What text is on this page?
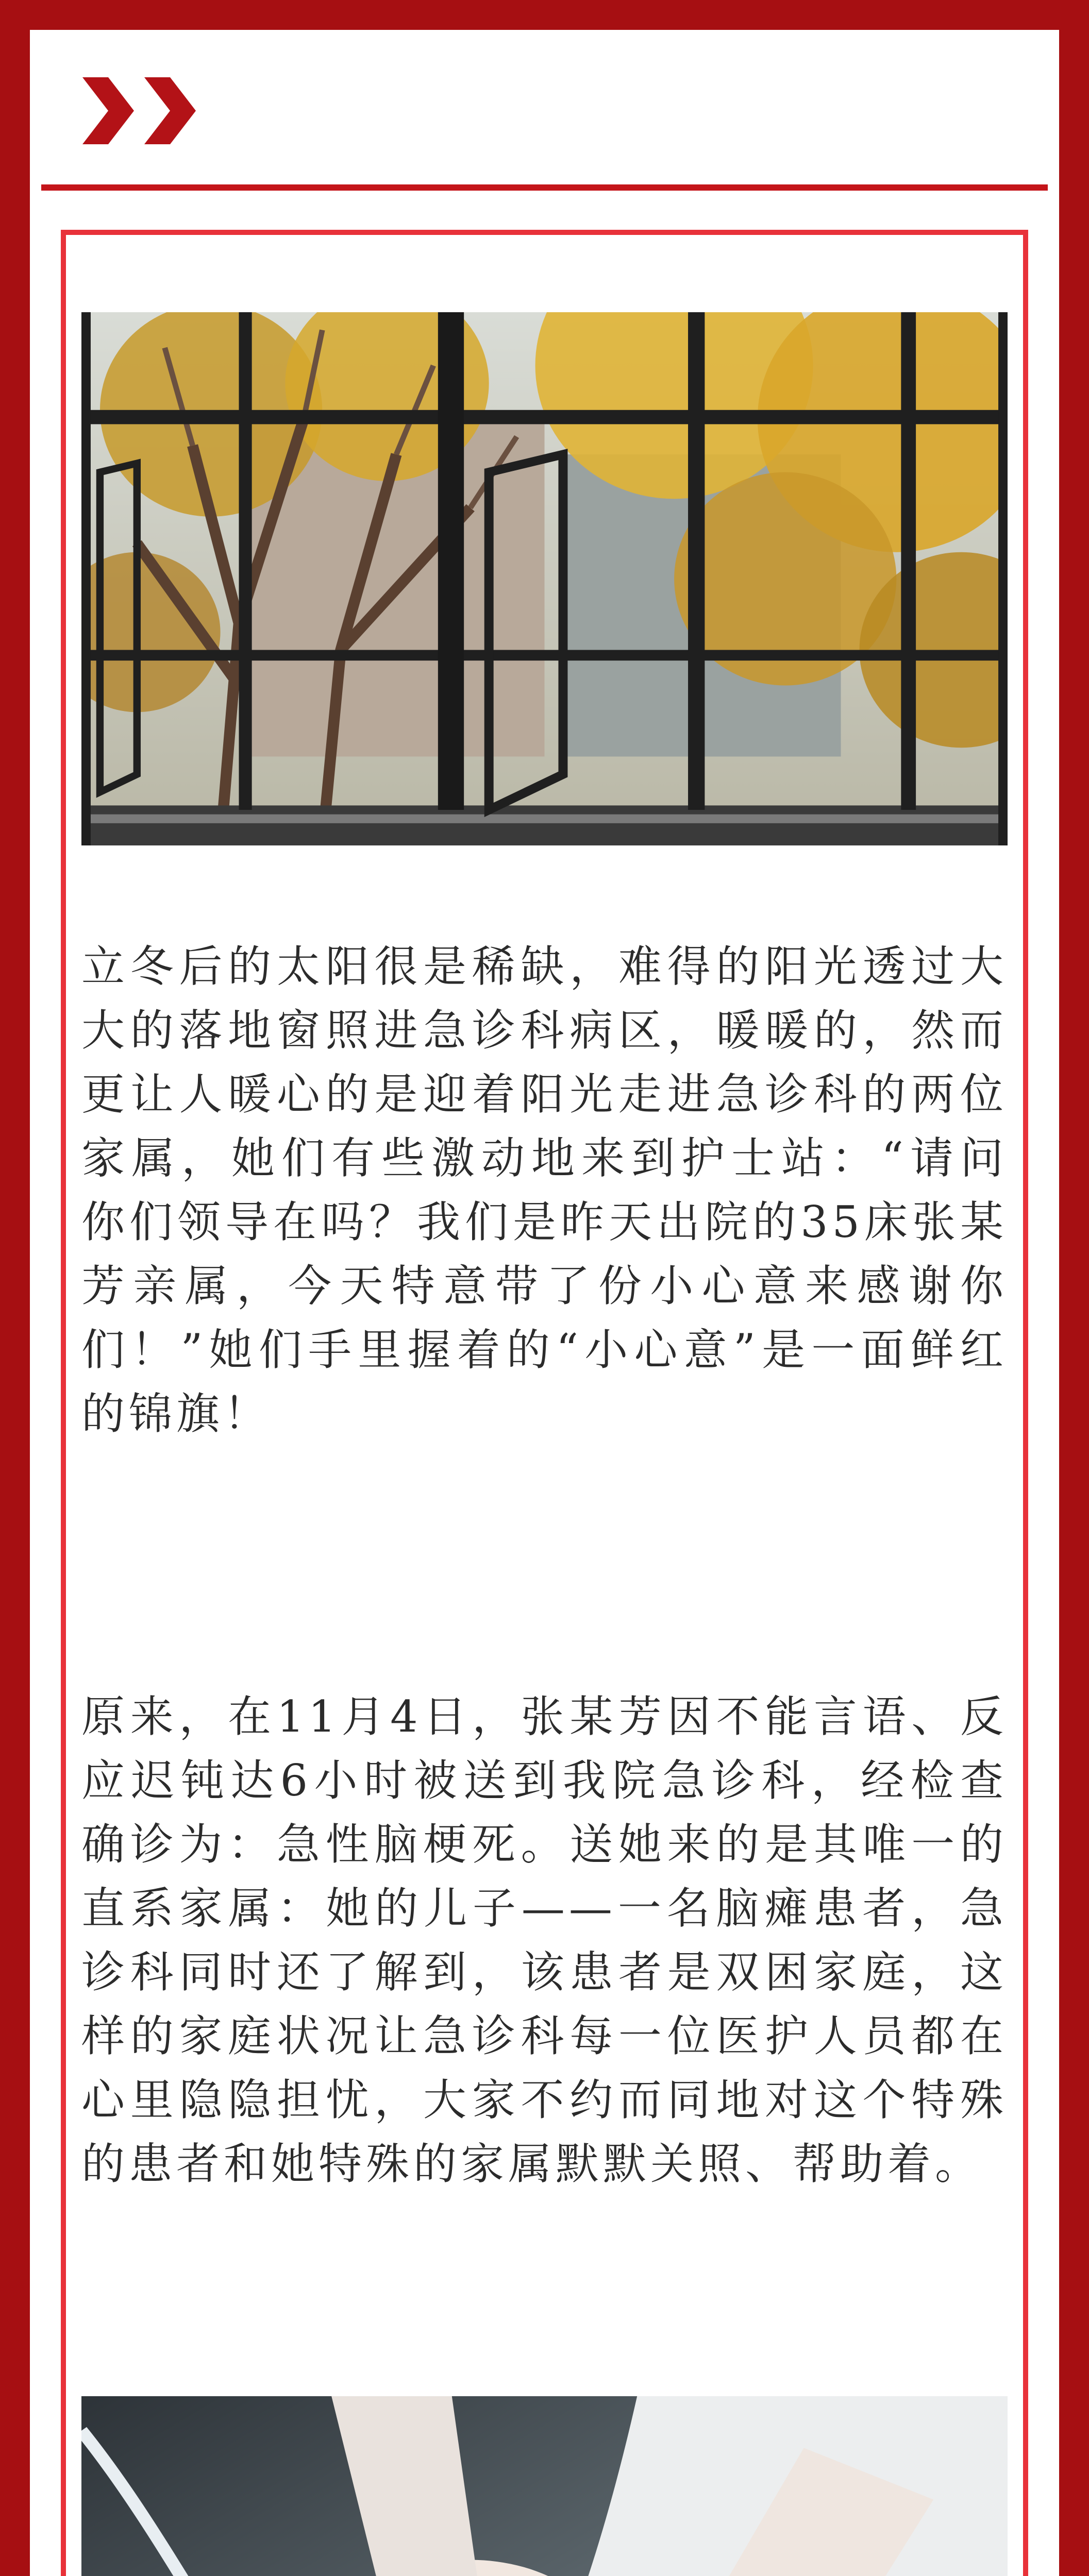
立冬后的太阳很是稀缺，难得的阳光透过大大的落地窗照进急诊科病区，暖暖的，然而更让人暖心的是迎着阳光走进急诊科的两位家属，她们有些激动地来到护士站：“请问你们领导在吗？我们是昨天出院的35床张某芳亲属，今天特意带了份小心意来感谢你们！”她们手里握着的“小心意”是一面鲜红的锦旗！
原来，在11月4日，张某芳因不能言语、反应迟钝达6小时被送到我院急诊科，经检查确诊为：急性脑梗死。送她来的是其唯一的直系家属：她的儿子——一名脑瘫患者，急诊科同时还了解到，该患者是双困家庭，这样的家庭状况让急诊科每一位医护人员都在心里隐隐担忧，大家不约而同地对这个特殊的患者和她特殊的家属默默关照、帮助着。
